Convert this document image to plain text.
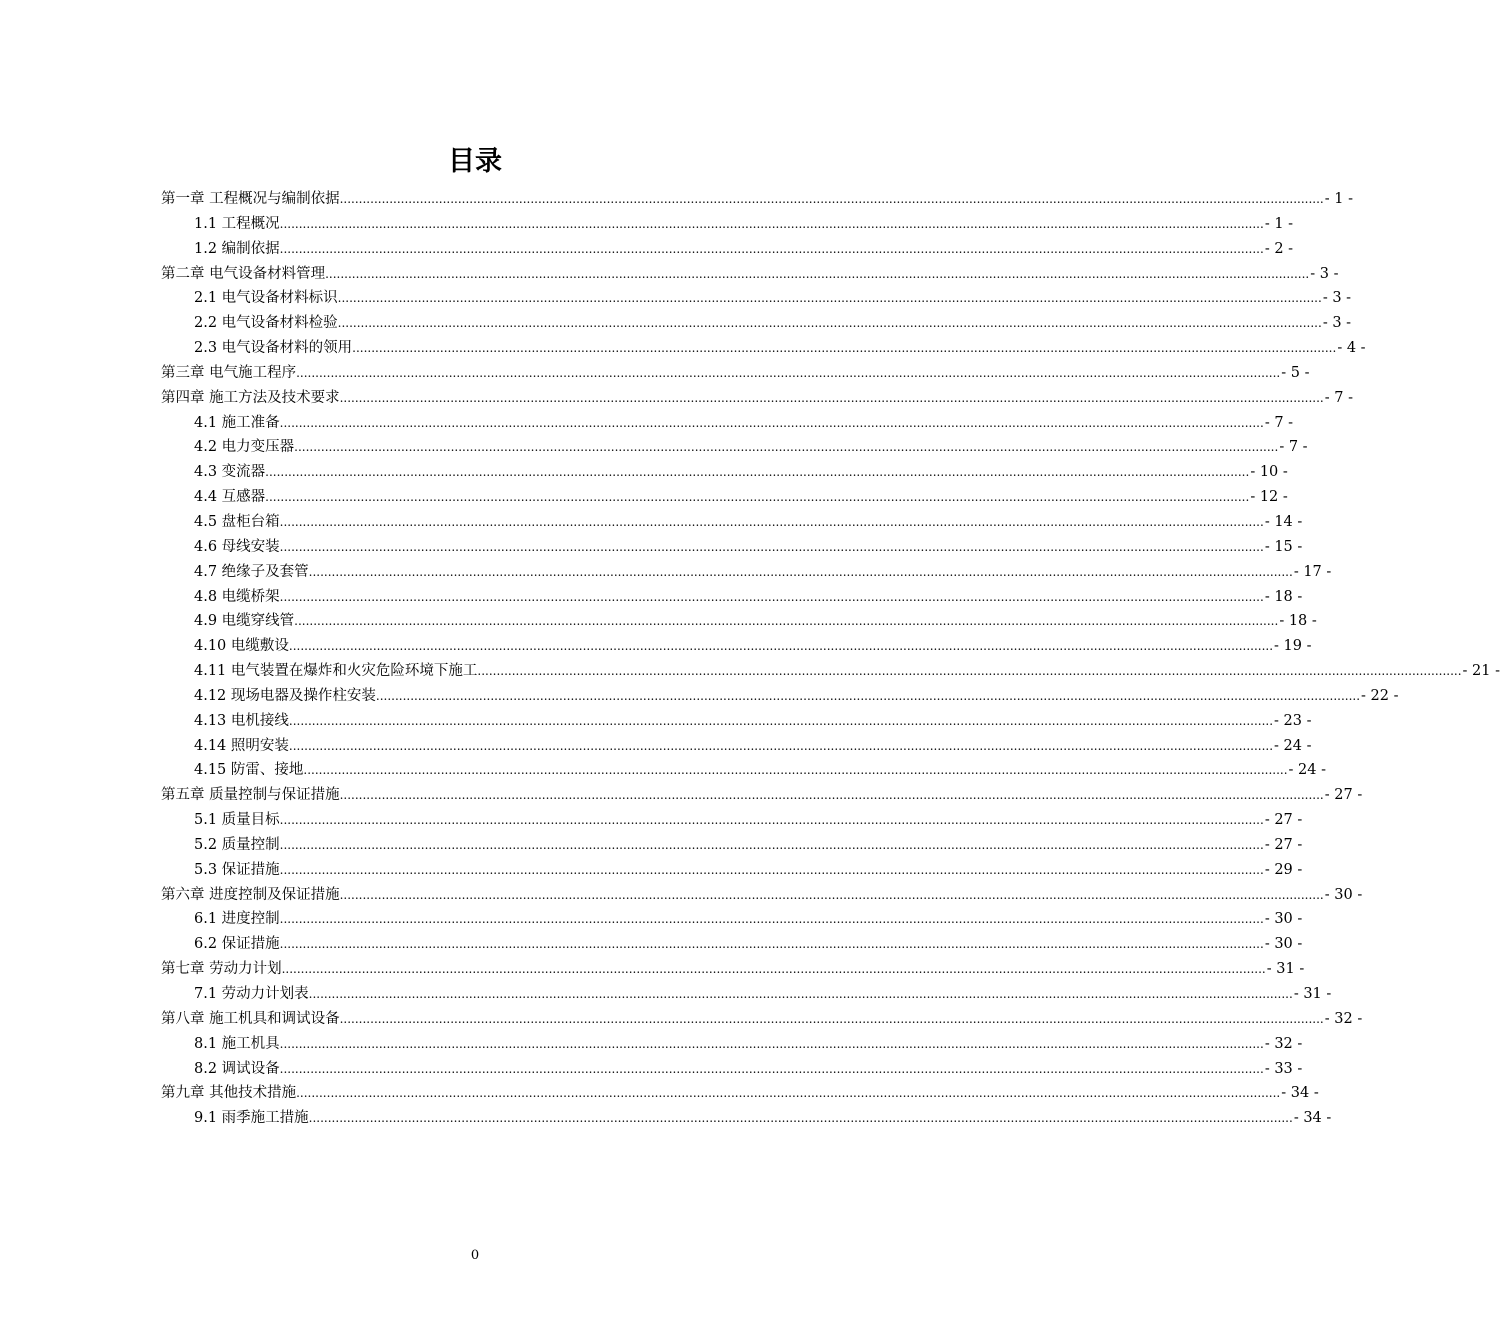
目录
第一章 工程概况与编制依据 .................................................................................................................................................................................................................................................................. - 1 -
1.1 工程概况 .................................................................................................................................................................................................................................................................. - 1 -
1.2 编制依据 .................................................................................................................................................................................................................................................................. - 2 -
第二章 电气设备材料管理 .................................................................................................................................................................................................................................................................. - 3 -
2.1 电气设备材料标识 .................................................................................................................................................................................................................................................................. - 3 -
2.2 电气设备材料检验 .................................................................................................................................................................................................................................................................. - 3 -
2.3 电气设备材料的领用 .................................................................................................................................................................................................................................................................. - 4 -
第三章 电气施工程序 .................................................................................................................................................................................................................................................................. - 5 -
第四章 施工方法及技术要求 .................................................................................................................................................................................................................................................................. - 7 -
4.1 施工准备 .................................................................................................................................................................................................................................................................. - 7 -
4.2 电力变压器 .................................................................................................................................................................................................................................................................. - 7 -
4.3 变流器 .................................................................................................................................................................................................................................................................. - 10 -
4.4 互感器 .................................................................................................................................................................................................................................................................. - 12 -
4.5 盘柜台箱 .................................................................................................................................................................................................................................................................. - 14 -
4.6 母线安装 .................................................................................................................................................................................................................................................................. - 15 -
4.7 绝缘子及套管 .................................................................................................................................................................................................................................................................. - 17 -
4.8 电缆桥架 .................................................................................................................................................................................................................................................................. - 18 -
4.9 电缆穿线管 .................................................................................................................................................................................................................................................................. - 18 -
4.10 电缆敷设 .................................................................................................................................................................................................................................................................. - 19 -
4.11 电气装置在爆炸和火灾危险环境下施工 .................................................................................................................................................................................................................................................................. - 21 -
4.12 现场电器及操作柱安装 .................................................................................................................................................................................................................................................................. - 22 -
4.13 电机接线 .................................................................................................................................................................................................................................................................. - 23 -
4.14 照明安装 .................................................................................................................................................................................................................................................................. - 24 -
4.15 防雷、接地 .................................................................................................................................................................................................................................................................. - 24 -
第五章 质量控制与保证措施 .................................................................................................................................................................................................................................................................. - 27 -
5.1 质量目标 .................................................................................................................................................................................................................................................................. - 27 -
5.2 质量控制 .................................................................................................................................................................................................................................................................. - 27 -
5.3 保证措施 .................................................................................................................................................................................................................................................................. - 29 -
第六章 进度控制及保证措施 .................................................................................................................................................................................................................................................................. - 30 -
6.1 进度控制 .................................................................................................................................................................................................................................................................. - 30 -
6.2 保证措施 .................................................................................................................................................................................................................................................................. - 30 -
第七章 劳动力计划 .................................................................................................................................................................................................................................................................. - 31 -
7.1 劳动力计划表 .................................................................................................................................................................................................................................................................. - 31 -
第八章 施工机具和调试设备 .................................................................................................................................................................................................................................................................. - 32 -
8.1 施工机具 .................................................................................................................................................................................................................................................................. - 32 -
8.2 调试设备 .................................................................................................................................................................................................................................................................. - 33 -
第九章 其他技术措施 .................................................................................................................................................................................................................................................................. - 34 -
9.1 雨季施工措施 .................................................................................................................................................................................................................................................................. - 34 -
0
